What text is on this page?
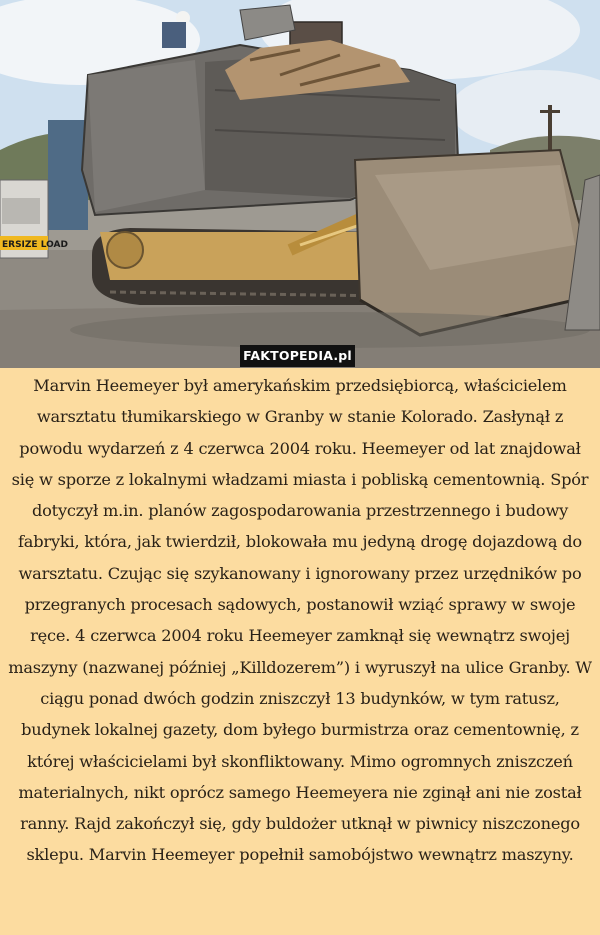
ERSIZE LOAD
FAKTOPEDIA.pl

Marvin Heemeyer był amerykańskim przedsiębiorcą, właścicielem warsztatu tłumikarskiego w Granby w stanie Kolorado. Zasłynął z powodu wydarzeń z 4 czerwca 2004 roku. Heemeyer od lat znajdował się w sporze z lokalnymi władzami miasta i pobliską cementownią. Spór dotyczył m.in. planów zagospodarowania przestrzennego i budowy fabryki, która, jak twierdził, blokowała mu jedyną drogę dojazdową do warsztatu. Czując się szykanowany i ignorowany przez urzędników po przegranych procesach sądowych, postanowił wziąć sprawy w swoje ręce. 4 czerwca 2004 roku Heemeyer zamknął się wewnątrz swojej maszyny (nazwanej później „Killdozerem”) i wyruszył na ulice Granby. W ciągu ponad dwóch godzin zniszczył 13 budynków, w tym ratusz, budynek lokalnej gazety, dom byłego burmistrza oraz cementownię, z której właścicielami był skonfliktowany. Mimo ogromnych zniszczeń materialnych, nikt oprócz samego Heemeyera nie zginął ani nie został ranny. Rajd zakończył się, gdy buldożer utknął w piwnicy niszczonego sklepu. Marvin Heemeyer popełnił samobójstwo wewnątrz maszyny.
